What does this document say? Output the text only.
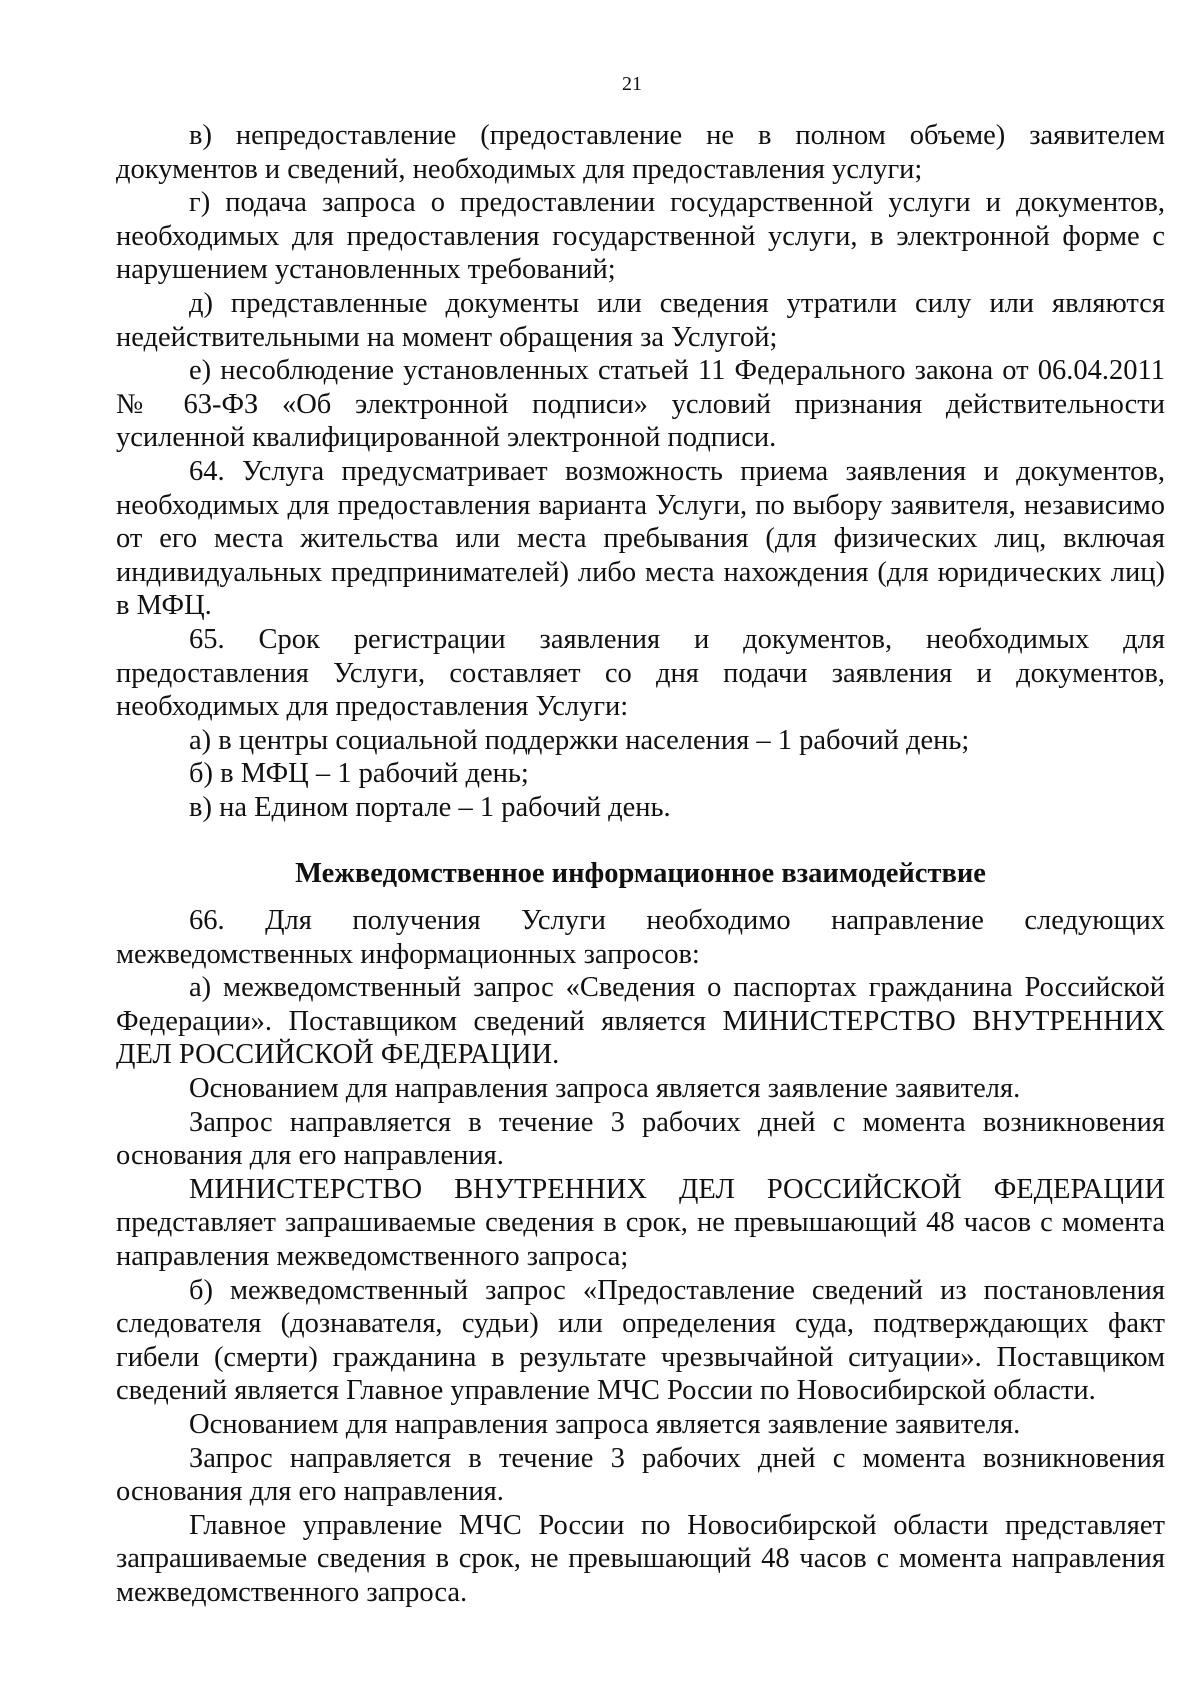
21

в) непредоставление (предоставление не в полном объеме) заявителем документов и сведений, необходимых для предоставления услуги;

г) подача запроса о предоставлении государственной услуги и документов, необходимых для предоставления государственной услуги, в электронной форме с нарушением установленных требований;

д) представленные документы или сведения утратили силу или являются недействительными на момент обращения за Услугой;

е) несоблюдение установленных статьей 11 Федерального закона от 06.04.2011 № 63-ФЗ «Об электронной подписи» условий признания действительности усиленной квалифицированной электронной подписи.

64. Услуга предусматривает возможность приема заявления и документов, необходимых для предоставления варианта Услуги, по выбору заявителя, независимо от его места жительства или места пребывания (для физических лиц, включая индивидуальных предпринимателей) либо места нахождения (для юридических лиц) в МФЦ.

65. Срок регистрации заявления и документов, необходимых для предоставления Услуги, составляет со дня подачи заявления и документов, необходимых для предоставления Услуги:

а) в центры социальной поддержки населения – 1 рабочий день;

б) в МФЦ – 1 рабочий день;

в) на Едином портале – 1 рабочий день.

Межведомственное информационное взаимодействие

66. Для получения Услуги необходимо направление следующих межведомственных информационных запросов:

а) межведомственный запрос «Сведения о паспортах гражданина Российской Федерации». Поставщиком сведений является МИНИСТЕРСТВО ВНУТРЕННИХ ДЕЛ РОССИЙСКОЙ ФЕДЕРАЦИИ.

Основанием для направления запроса является заявление заявителя.

Запрос направляется в течение 3 рабочих дней с момента возникновения основания для его направления.

МИНИСТЕРСТВО ВНУТРЕННИХ ДЕЛ РОССИЙСКОЙ ФЕДЕРАЦИИ представляет запрашиваемые сведения в срок, не превышающий 48 часов с момента направления межведомственного запроса;

б) межведомственный запрос «Предоставление сведений из постановления следователя (дознавателя, судьи) или определения суда, подтверждающих факт гибели (смерти) гражданина в результате чрезвычайной ситуации». Поставщиком сведений является Главное управление МЧС России по Новосибирской области.

Основанием для направления запроса является заявление заявителя.

Запрос направляется в течение 3 рабочих дней с момента возникновения основания для его направления.

Главное управление МЧС России по Новосибирской области представляет запрашиваемые сведения в срок, не превышающий 48 часов с момента направления межведомственного запроса.
